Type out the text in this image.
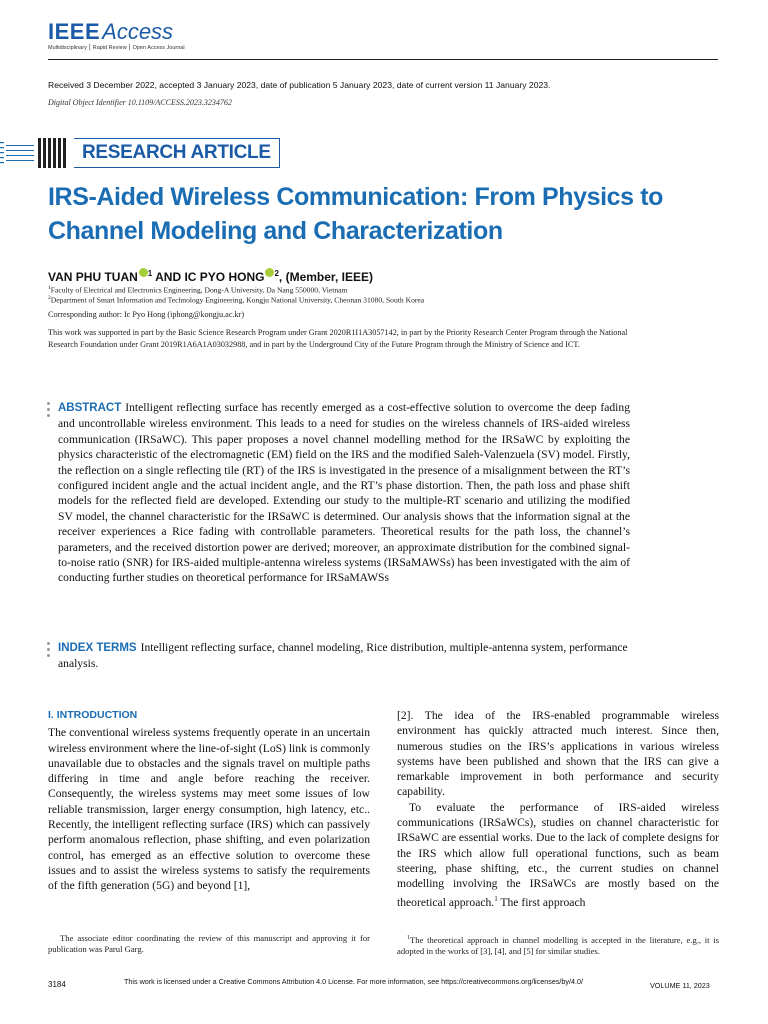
IEEEAccess
Multidisciplinary ⎮ Rapid Review ⎮ Open Access Journal
Received 3 December 2022, accepted 3 January 2023, date of publication 5 January 2023, date of current version 11 January 2023.
Digital Object Identifier 10.1109/ACCESS.2023.3234762
RESEARCH ARTICLE
IRS-Aided Wireless Communication: From Physics to Channel Modeling and Characterization
VAN PHU TUAN $^1$ AND IC PYO HONG $^2$, (Member, IEEE)
$^1$Faculty of Electrical and Electronics Engineering, Dong-A University, Da Nang 550000, Vietnam
$^2$Department of Smart Information and Technology Engineering, Kongju National University, Cheonan 31080, South Korea
Corresponding author: Ic Pyo Hong (iphong@kongju.ac.kr)
This work was supported in part by the Basic Science Research Program under Grant 2020R1I1A3057142, in part by the Priority Research Center Program through the National Research Foundation under Grant 2019R1A6A1A03032988, and in part by the Underground City of the Future Program through the Ministry of Science and ICT.
ABSTRACT Intelligent reflecting surface has recently emerged as a cost-effective solution to overcome the deep fading and uncontrollable wireless environment. This leads to a need for studies on the wireless channels of IRS-aided wireless communication (IRSaWC). This paper proposes a novel channel modelling method for the IRSaWC by exploiting the physics characteristic of the electromagnetic (EM) field on the IRS and the modified Saleh-Valenzuela (SV) model. Firstly, the reflection on a single reflecting tile (RT) of the IRS is investigated in the presence of a misalignment between the RT’s configured incident angle and the actual incident angle, and the RT’s phase distortion. Then, the path loss and phase shift models for the reflected field are developed. Extending our study to the multiple-RT scenario and utilizing the modified SV model, the channel characteristic for the IRSaWC is determined. Our analysis shows that the information signal at the receiver experiences a Rice fading with controllable parameters. Theoretical results for the path loss, the channel’s parameters, and the received distortion power are derived; moreover, an approximate distribution for the combined signal-to-noise ratio (SNR) for IRS-aided multiple-antenna wireless systems (IRSaMAWSs) has been investigated with the aim of conducting further studies on theoretical performance for IRSaMAWSs
INDEX TERMS Intelligent reflecting surface, channel modeling, Rice distribution, multiple-antenna system, performance analysis.
I. INTRODUCTION
The conventional wireless systems frequently operate in an uncertain wireless environment where the line-of-sight (LoS) link is commonly unavailable due to obstacles and the signals travel on multiple paths differing in time and angle before reaching the receiver. Consequently, the wireless systems may meet some issues of low reliable transmission, larger energy consumption, high latency, etc.. Recently, the intelligent reflecting surface (IRS) which can passively perform anomalous reflection, phase shifting, and even polarization control, has emerged as an effective solution to overcome these issues and to assist the wireless systems to satisfy the requirements of the fifth generation (5G) and beyond [1],
[2]. The idea of the IRS-enabled programmable wireless environment has quickly attracted much interest. Since then, numerous studies on the IRS’s applications in various wireless systems have been published and shown that the IRS can give a remarkable improvement in both performance and security capability.
To evaluate the performance of IRS-aided wireless communications (IRSaWCs), studies on channel characteristic for IRSaWC are essential works. Due to the lack of complete designs for the IRS which allow full operational functions, such as beam steering, phase shifting, etc., the current studies on channel modelling involving the IRSaWCs are mostly based on the theoretical approach.$^1$ The first approach
The associate editor coordinating the review of this manuscript and approving it for publication was Parul Garg.
$^1$The theoretical approach in channel modelling is accepted in the literature, e.g., it is adopted in the works of [3], [4], and [5] for similar studies.
3184	This work is licensed under a Creative Commons Attribution 4.0 License. For more information, see https://creativecommons.org/licenses/by/4.0/	VOLUME 11, 2023
